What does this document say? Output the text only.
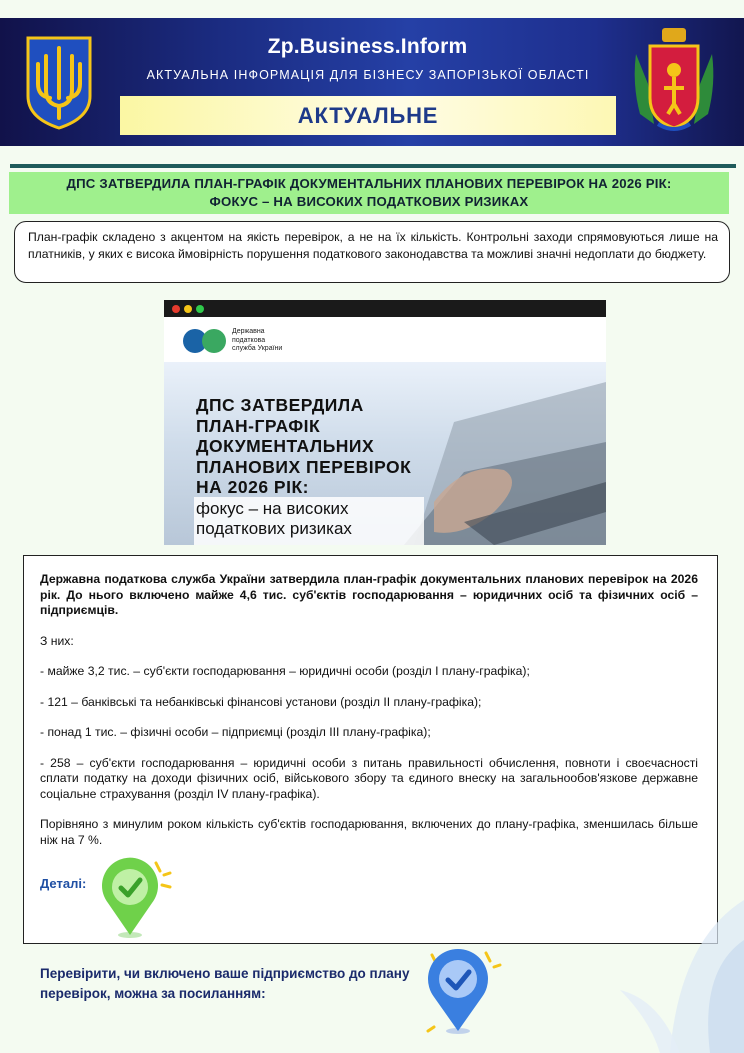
Zp.Business.Inform
АКТУАЛЬНА ІНФОРМАЦІЯ ДЛЯ БІЗНЕСУ ЗАПОРІЗЬКОЇ ОБЛАСТІ
АКТУАЛЬНЕ
ДПС ЗАТВЕРДИЛА ПЛАН-ГРАФІК ДОКУМЕНТАЛЬНИХ ПЛАНОВИХ ПЕРЕВІРОК НА 2026 РІК:
ФОКУС – НА ВИСОКИХ ПОДАТКОВИХ РИЗИКАХ
План-графік складено з акцентом на якість перевірок, а не на їх кількість. Контрольні заходи спрямовуються лише на платників, у яких є висока ймовірність порушення податкового законодавства та можливі значні недоплати до бюджету.
Державна
податкова
служба України
ДПС ЗАТВЕРДИЛА
ПЛАН-ГРАФІК
ДОКУМЕНТАЛЬНИХ
ПЛАНОВИХ ПЕРЕВІРОК
НА 2026 РІК:
фокус – на високих
податкових ризиках

Державна податкова служба України затвердила план-графік документальних планових перевірок на 2026 рік. До нього включено майже 4,6 тис. суб'єктів господарювання – юридичних осіб та фізичних осіб – підприємців.

З них:

- майже 3,2 тис. – суб'єкти господарювання – юридичні особи (розділ І плану-графіка);

- 121 – банківські та небанківські фінансові установи (розділ ІІ плану-графіка);

- понад 1 тис. – фізичні особи – підприємці (розділ ІІІ плану-графіка);

- 258 – суб'єкти господарювання – юридичні особи з питань правильності обчислення, повноти і своєчасності сплати податку на доходи фізичних осіб, військового збору та єдиного внеску на загальнообов'язкове державне соціальне страхування (розділ IV плану-графіка).

Порівняно з минулим роком кількість суб'єктів господарювання, включених до плану-графіка, зменшилась більше ніж на 7 %.

Деталі:
Перевірити, чи включено ваше підприємство до плану перевірок, можна за посиланням:
